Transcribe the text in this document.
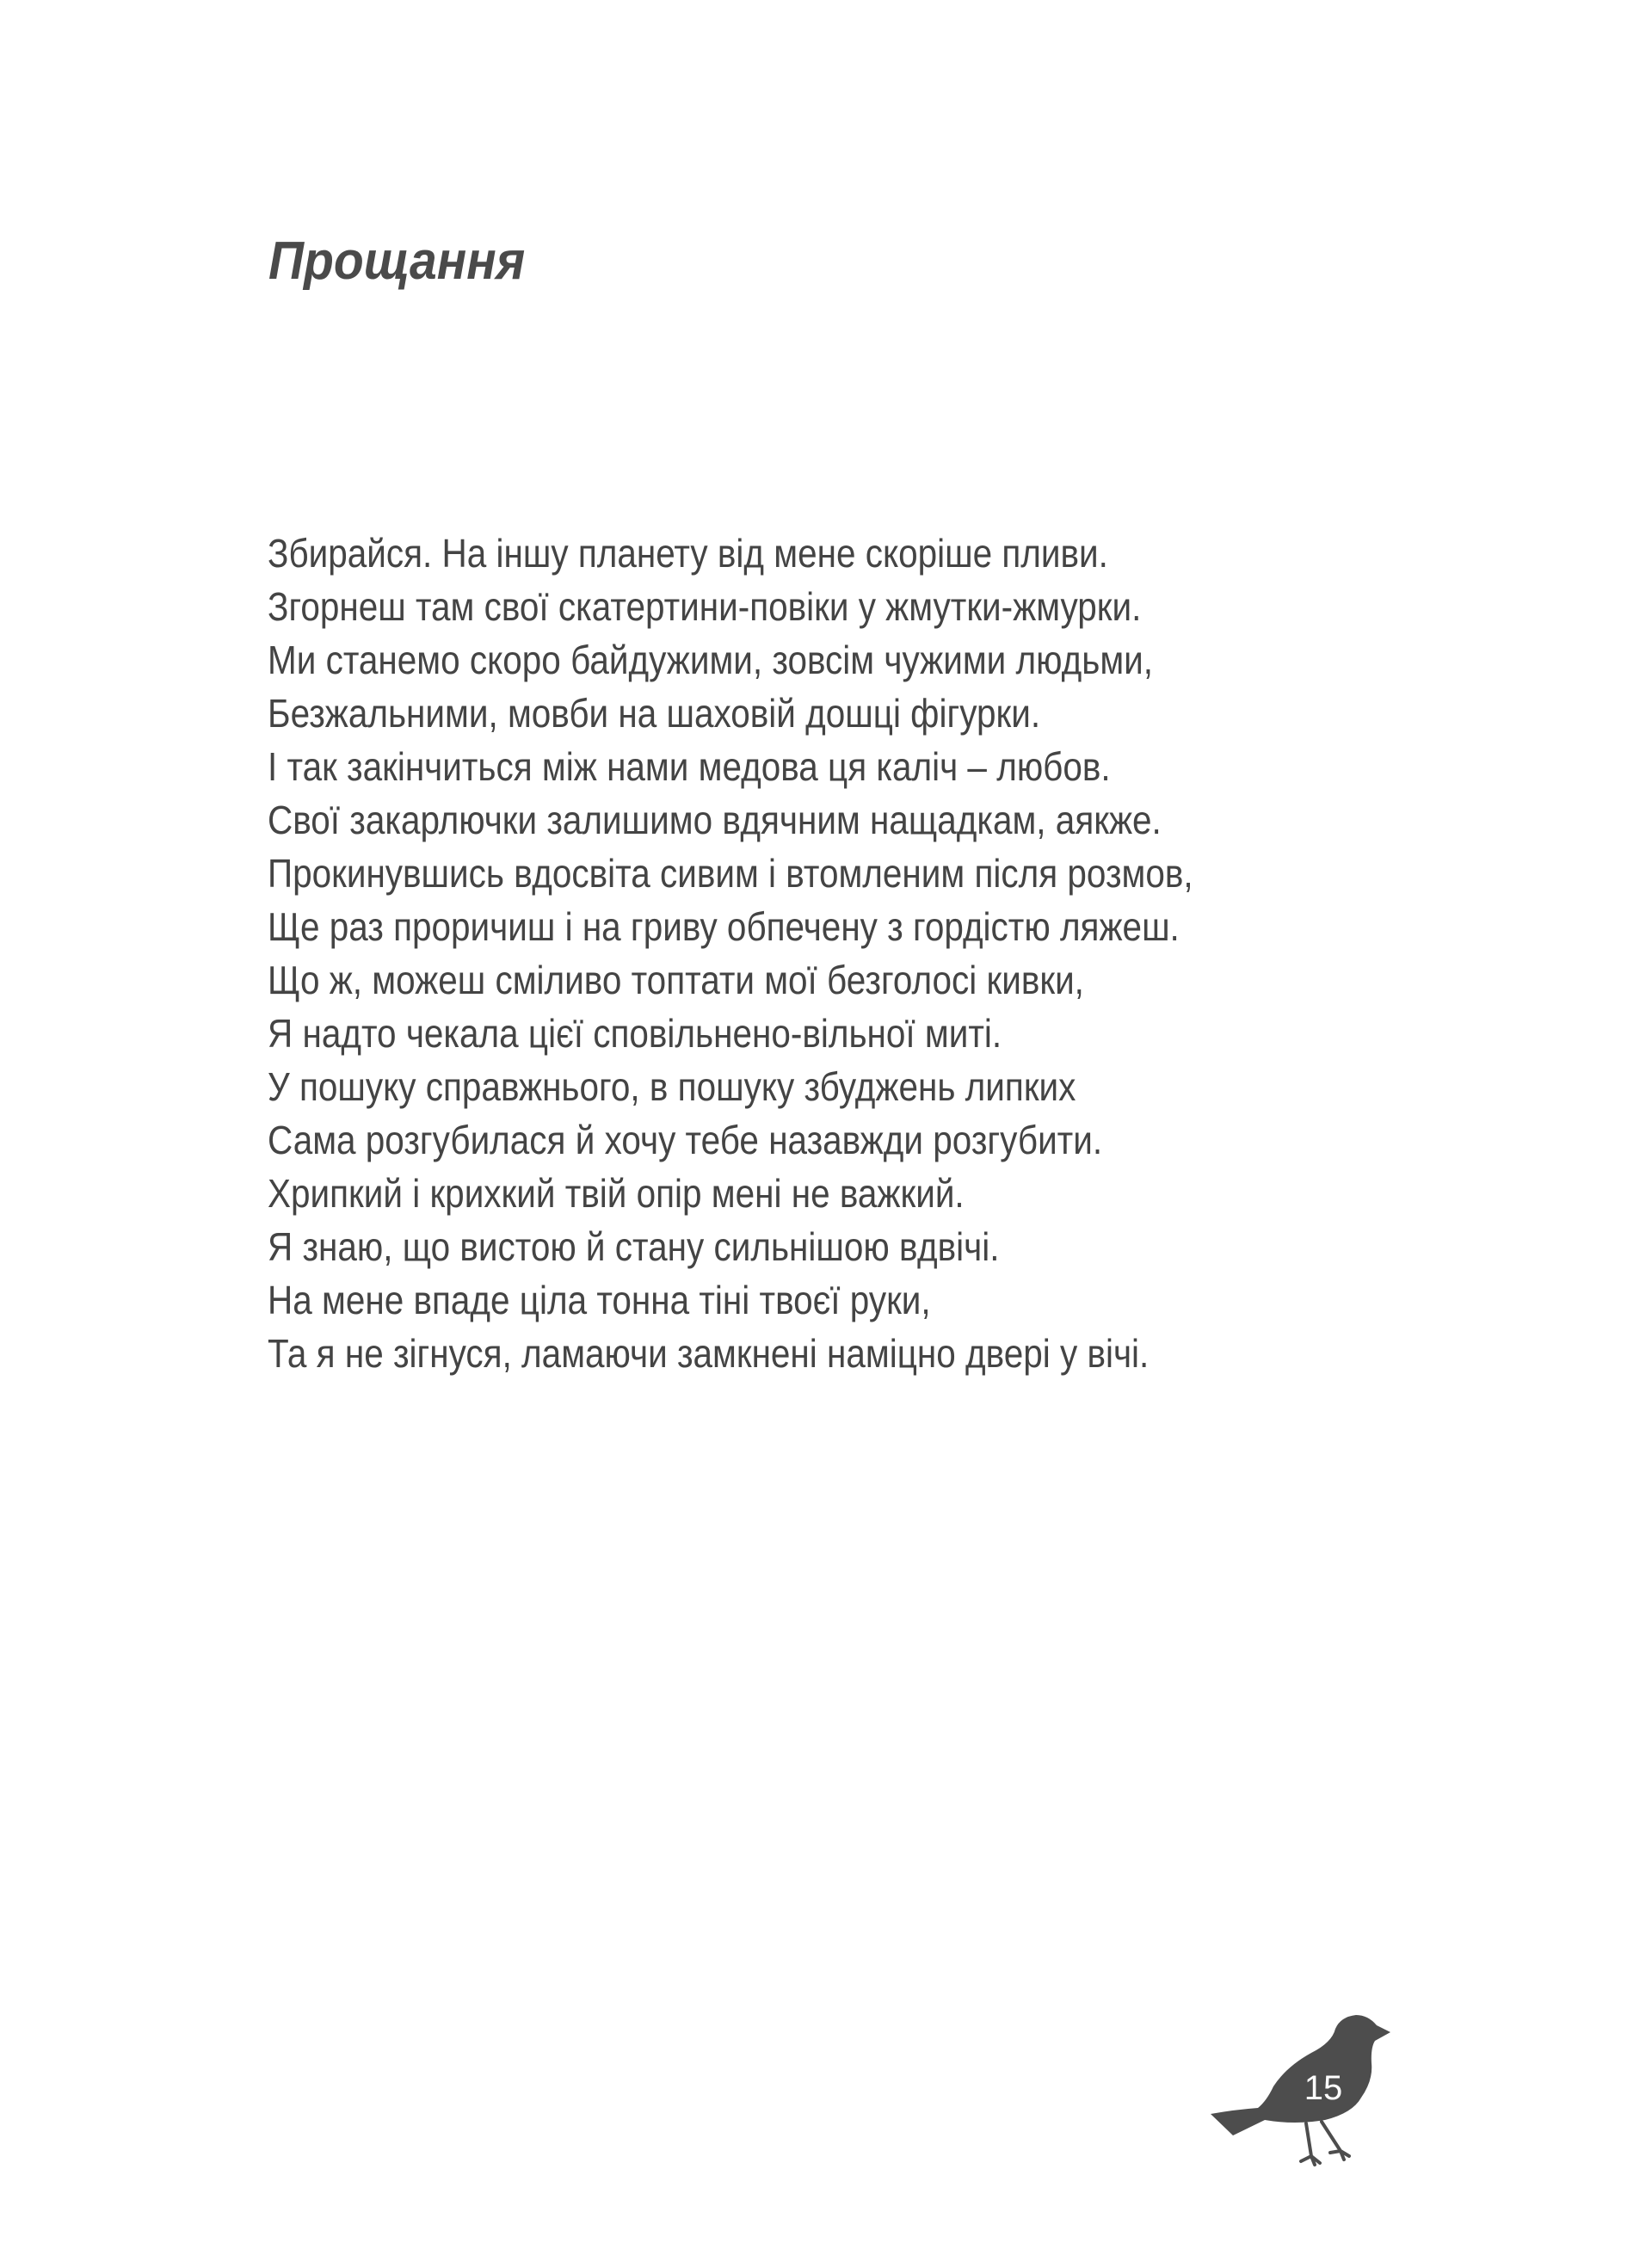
Прощання
Збирайся. На іншу планету від мене скоріше пливи.
Згорнеш там свої скатертини-повіки у жмутки-жмурки.
Ми станемо скоро байдужими, зовсім чужими людьми,
Безжальними, мовби на шаховій дошці фігурки.
І так закінчиться між нами медова ця каліч – любов.
Свої закарлючки залишимо вдячним нащадкам, аякже.
Прокинувшись вдосвіта сивим і втомленим після розмов,
Ще раз проричиш і на гриву обпечену з гордістю ляжеш.
Що ж, можеш сміливо топтати мої безголосі кивки,
Я надто чекала цієї сповільнено-вільної миті.
У пошуку справжнього, в пошуку збуджень липких
Сама розгубилася й хочу тебе назавжди розгубити.
Хрипкий і крихкий твій опір мені не важкий.
Я знаю, що вистою й стану сильнішою вдвічі.
На мене впаде ціла тонна тіні твоєї руки,
Та я не зігнуся, ламаючи замкнені наміцно двері у вічі.
15
